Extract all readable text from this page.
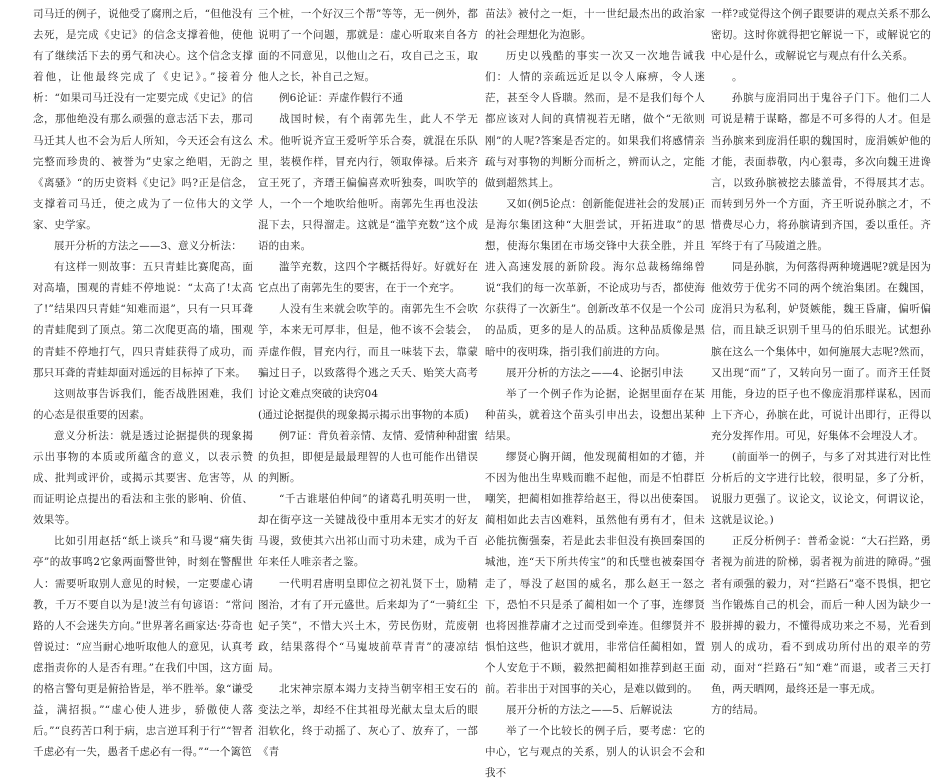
司马迁的例子，说他受了腐刑之后，“但他没有去死，是完成《史记》的信念支撑着他，使他有了继续活下去的勇气和决心。这个信念支撑着他，让他最终完成了《史记》。”接着分析：“如果司马迁没有一定要完成《史记》的信念，那他绝没有那么顽强的意志活下去，那司马迁其人也不会为后人所知，今天还会有这么完整而珍贵的、被誉为”史家之绝唱，无韵之《离骚》“的历史资料《史记》吗?正是信念，支撑着司马迁，使之成为了一位伟大的文学家、史学家。

展开分析的方法之——3、意义分析法：

有这样一则故事：五只青蛙比赛爬高，面对高墙，围观的青蛙不停地说：“太高了!太高了!”结果四只青蛙“知难而退”，只有一只耳聋的青蛙爬到了顶点。第二次爬更高的墙，围观的青蛙不停地打气，四只青蛙获得了成功，而那只耳聋的青蛙却面对遥远的目标掉了下来。

这则故事告诉我们，能否战胜困难，我们的心态是很重要的因素。

意义分析法：就是透过论据提供的现象揭示出事物的本质或所蕴含的意义，以表示赞成、批判或评价，或揭示其要害、危害等，从而证明论点提出的看法和主张的影响、价值、效果等。

比如引用赵括“纸上谈兵”和马谡“痛失街亭”的故事鸣2它象两面警世钟，时刻在警醒世人：需要听取别人意见的时候，一定要虚心请教，千万不要自以为是!波兰有句谚语：“常问路的人不会迷失方向。”世界著名画家达·芬奇也曾说过：“应当耐心地听取他人的意见，认真考虑指责你的人是否有理。”在我们中国，这方面的格言警句更是俯拾皆是，举不胜举。象“谦受益，满招损。”“虚心使人进步，骄傲使人落后。”“良药苦口利于病，忠言逆耳利于行”“智者千虑必有一失，愚者千虑必有一得。”“一个篱笆

三个桩，一个好汉三个帮”等等，无一例外，都说明了一个问题，那就是：虚心听取来自各方面的不同意见，以他山之石，攻自己之玉，取他人之长，补自己之短。

例6论证：弄虚作假行不通

战国时候，有个南郭先生，此人不学无术。他听说齐宣王爱听竽乐合奏，就混在乐队里，装模作样，冒充内行，领取俸禄。后来齐宣王死了，齐瑨王偏偏喜欢听独奏，叫吹竽的人，一个一个地吹给他听。南郭先生再也没法混下去，只得溜走。这就是“滥竽充数”这个成语的由来。

滥竽充数，这四个字概括得好。好就好在它点出了南郭先生的要害，在于一个充字。

人没有生来就会吹竽的。南郭先生不会吹竽，本来无可厚非，但是，他不该不会装会，弄虚作假，冒充内行，而且一味装下去，靠蒙骗过日子，以致落得个逃之夭夭、贻笑大高考讨论文难点突破的诀窍04

(通过论据提供的现象揭示揭示出事物的本质)

例7证：背负着亲情、友情、爱情种种甜蜜的负担，即便是最最理智的人也可能作出错误的判断。

“千古谁堪伯仲间”的诸葛孔明英明一世，却在街亭这一关键战役中重用本无实才的好友马谡，致使其六出祁山而寸功未建，成为千百年来任人唯亲者之鉴。

一代明君唐明皇即位之初礼贤下士，励精图治，才有了开元盛世。后来却为了“一骑红尘妃子笑”，不惜大兴土木，劳民伤财，荒废朝政，结果落得个“马嵬坡前草青青”的凄凉结局。

北宋神宗原本竭力支持当朝宰相王安石的变法之举，却经不住其祖母光献太皇太后的眼泪软化，终于动摇了、灰心了、放弃了，一部《青

苗法》被付之一炬，十一世纪最杰出的政治家的社会理想化为泡影。

历史以残酷的事实一次又一次地告诫我们：人情的亲疏远近足以令人麻痹，令人迷茫，甚至令人昏聩。然而，是不是我们每个人都应该对人间的真情视若无睹，做个“无欲则刚”的人呢?答案是否定的。如果我们将感情亲疏与对事物的判断分而析之，辨而认之，定能做到超然其上。

又如(例5论点：创新能促进社会的发展)正是海尔集团这种“大胆尝试，开拓进取”的思想，使海尔集团在市场交锋中大获全胜，并且进入高速发展的新阶段。海尔总裁杨绵绵曾说“我们的每一次革新，不论成功与否，都使海尔获得了一次新生”。创新改革不仅是一个公司的品质，更多的是人的品质。这种品质像是黑暗中的夜明珠，指引我们前进的方向。

展开分析的方法之——4、论据引申法

举了一个例子作为论据，论据里面存在某种苗头，就着这个苗头引申出去，设想出某种结果。

缪贤心胸开阔，他发现蔺相如的才德，并不因为他出生卑贱而瞧不起他，而是不怕群臣嘲笑，把蔺相如推荐给赵王，得以出使秦国。蔺相如此去吉凶难料，虽然他有勇有才，但未必能抗衡强秦，若是此去非但没有换回秦国的城池，连“天下所共传宝”的和氏璧也被秦国夺走了，辱没了赵国的威名，那么赵王一怒之下，恐怕不只是杀了蔺相如一个了事，连缪贤也将因推荐庸才之过而受到牵连。但缪贤并不惧怕这些，他识才就用，非常信任蔺相如，置个人安危于不顾，毅然把蔺相如推荐到赵王面前。若非出于对国事的关心，是难以做到的。

展开分析的方法之——5、后解说法

举了一个比较长的例子后，要考虑：它的中心，它与观点的关系，别人的认识会不会和我不

一样?或觉得这个例子跟要讲的观点关系不那么密切。这时你就得把它解说一下，或解说它的中心是什么，或解说它与观点有什么关系。

。

孙膑与庞涓同出于鬼谷子门下。他们二人可说是精于谋略，都是不可多得的人才。但是当孙膑来到庞涓任职的魏国时，庞涓嫉妒他的才能，表面恭敬，内心狠毒，多次向魏王进谗言，以致孙膑被挖去膝盖骨，不得展其才志。而转到另外一个方面，齐王听说孙膑之才，不惜费尽心力，将孙膑请到齐国，委以重任。齐军终于有了马陵道之胜。

同是孙膑，为何落得两种境遇呢?就是因为他效劳于优劣不同的两个统治集团。在魏国，庞涓只为私利，妒贤嫉能，魏王昏庸，偏听偏信，而且缺乏识别千里马的伯乐眼光。试想孙膑在这么一个集体中，如何施展大志呢?然而，又出现“而”了，又转向另一面了。而齐王任贤用能，身边的臣子也不像庞涓那样谋私，因而上下齐心，孙膑在此，可说计出即行，正得以充分发挥作用。可见，好集体不会埋没人才。

(前面举一的例子，与多了对其进行对比性分析后的文字进行比较，很明显，多了分析，说服力更强了。议论文，议论文，何谓议论，这就是议论。)

正反分析例子：普希金说：“大石拦路，勇者视为前进的阶梯，弱者视为前进的障碍。”强者有顽强的毅力，对“拦路石”毫不畏惧，把它当作锻炼自己的机会，而后一种人因为缺少一股拼搏的毅力，不懂得成功来之不易，光看到别人的成功，看不到成功所付出的艰辛的劳动，面对“拦路石”知“难”而退，或者三天打鱼，两天晒网，最终还是一事无成。

方的结局。
